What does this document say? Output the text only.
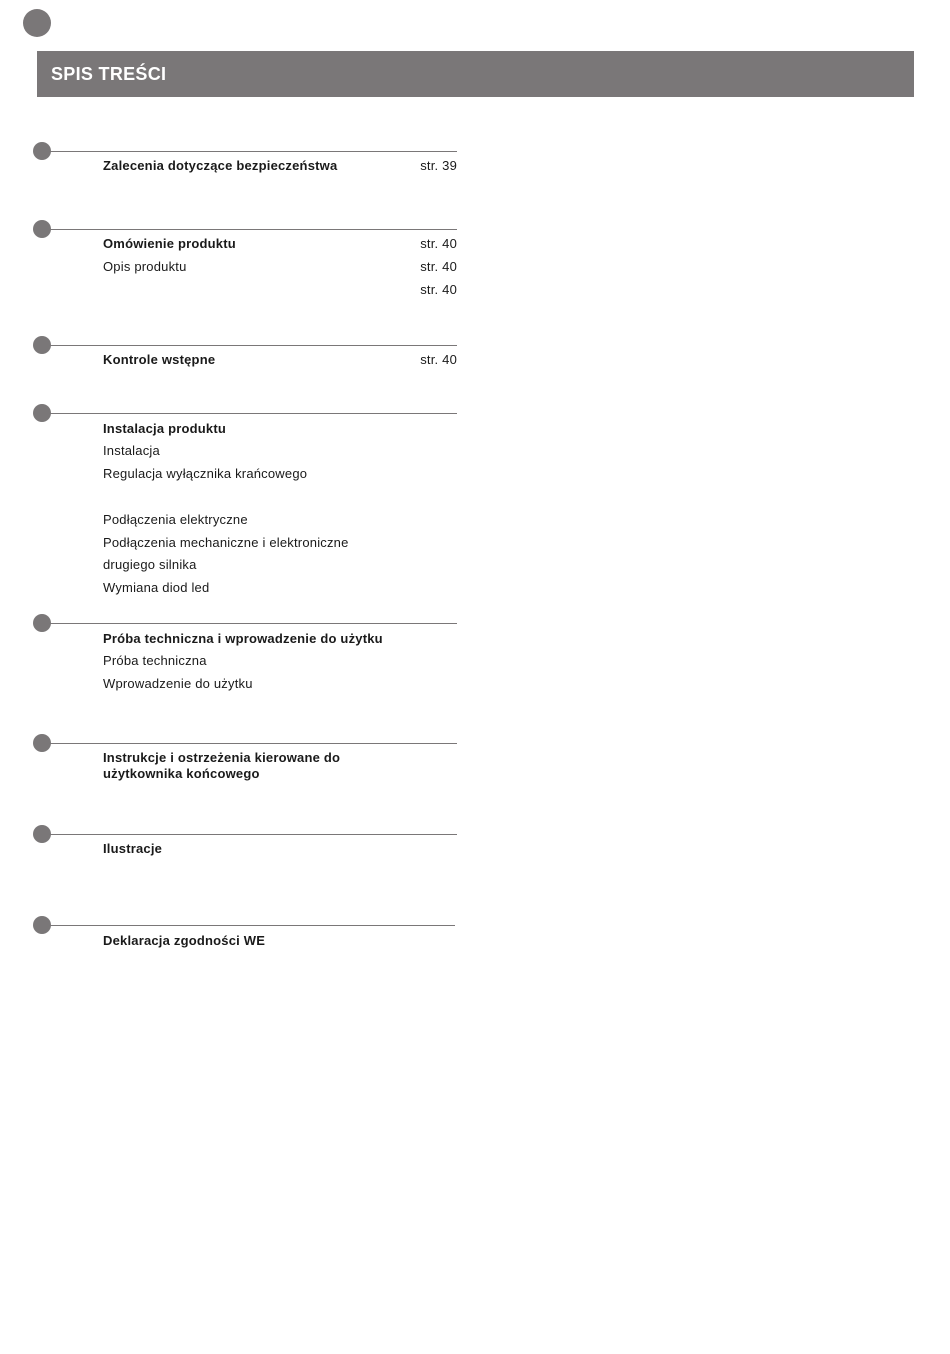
SPIS TREŚCI
Zalecenia dotyczące bezpieczeństwa	str. 39
Omówienie produktu	str. 40
Opis produktu	str. 40
str. 40
Kontrole wstępne	str. 40
Instalacja produktu
Instalacja
Regulacja wyłącznika krańcowego
Podłączenia elektryczne
Podłączenia mechaniczne i elektroniczne
drugiego silnika
Wymiana diod led
Próba techniczna i wprowadzenie do użytku
Próba techniczna
Wprowadzenie do użytku
Instrukcje i ostrzeżenia kierowane do użytkownika końcowego
Ilustracje
Deklaracja zgodności WE
